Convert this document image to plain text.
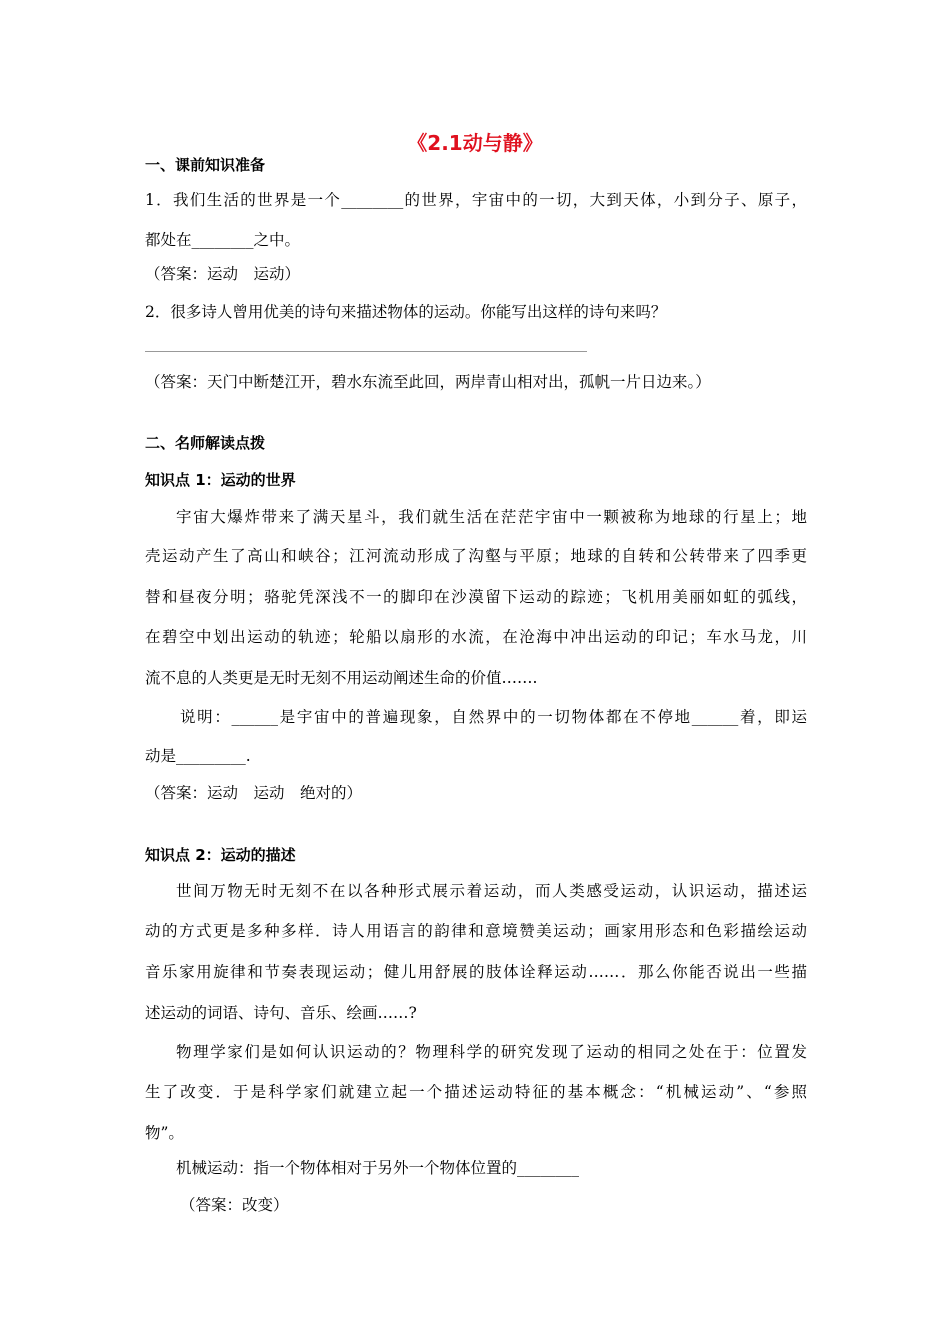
《2.1动与静》
一、课前知识准备
1．我们生活的世界是一个________的世界，宇宙中的一切，大到天体，小到分子、原子，
都处在________之中。
（答案：运动　运动）
2．很多诗人曾用优美的诗句来描述物体的运动。你能写出这样的诗句来吗？
（答案：天门中断楚江开，碧水东流至此回，两岸青山相对出，孤帆一片日边来。）
二、名师解读点拨
知识点 1：运动的世界
宇宙大爆炸带来了满天星斗，我们就生活在茫茫宇宙中一颗被称为地球的行星上；地
壳运动产生了高山和峡谷；江河流动形成了沟壑与平原；地球的自转和公转带来了四季更
替和昼夜分明；骆驼凭深浅不一的脚印在沙漠留下运动的踪迹；飞机用美丽如虹的弧线，
在碧空中划出运动的轨迹；轮船以扇形的水流，在沧海中冲出运动的印记；车水马龙，川
流不息的人类更是无时无刻不用运动阐述生命的价值…….
说明：______是宇宙中的普遍现象，自然界中的一切物体都在不停地______着，即运
动是_________.
（答案：运动　运动　绝对的）
知识点 2：运动的描述
世间万物无时无刻不在以各种形式展示着运动，而人类感受运动，认识运动，描述运
动的方式更是多种多样．诗人用语言的韵律和意境赞美运动；画家用形态和色彩描绘运动
音乐家用旋律和节奏表现运动；健儿用舒展的肢体诠释运动……．那么你能否说出一些描
述运动的词语、诗句、音乐、绘画……?
物理学家们是如何认识运动的？物理科学的研究发现了运动的相同之处在于：位置发
生了改变．于是科学家们就建立起一个描述运动特征的基本概念：“机械运动”、“参照
物”。
机械运动：指一个物体相对于另外一个物体位置的________
（答案：改变）
